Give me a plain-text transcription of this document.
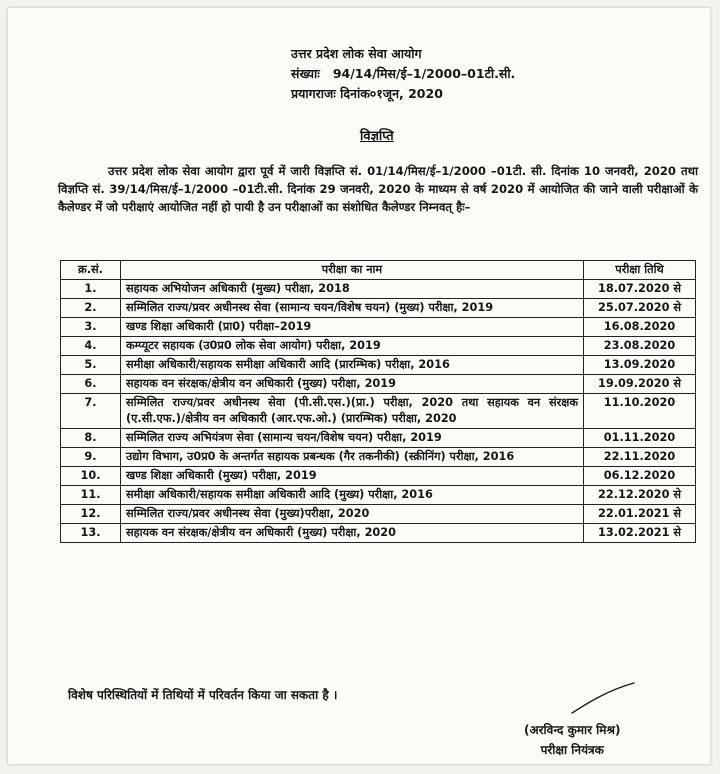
उत्तर प्रदेश लोक सेवा आयोग
संख्याः 94/14/मिस/ई–1/2000–01टी.सी.
प्रयागराजः दिनांक०१जून, 2020
विज्ञप्ति
उत्तर प्रदेश लोक सेवा आयोग द्वारा पूर्व में जारी विज्ञप्ति सं. 01/14/मिस/ई–1/2000 –01टी. सी. दिनांक 10 जनवरी, 2020 तथा विज्ञप्ति सं. 39/14/मिस/ई–1/2000 –01टी.सी. दिनांक 29 जनवरी, 2020 के माध्यम से वर्ष 2020 में आयोजित की जाने वाली परीक्षाओं के कैलेण्डर में जो परीक्षाएं आयोजित नहीं हो पायी है उन परीक्षाओं का संशोधित कैलेण्डर निम्नवत् हैः–
क्र.सं.	परीक्षा का नाम	परीक्षा तिथि
1.	सहायक अभियोजन अधिकारी (मुख्य) परीक्षा, 2018	18.07.2020 से
2.	सम्मिलित राज्य/प्रवर अधीनस्थ सेवा (सामान्य चयन/विशेष चयन) (मुख्य) परीक्षा, 2019	25.07.2020 से
3.	खण्ड शिक्षा अधिकारी (प्रा0) परीक्षा–2019	16.08.2020
4.	कम्प्यूटर सहायक (उ0प्र0 लोक सेवा आयोग) परीक्षा, 2019	23.08.2020
5.	समीक्षा अधिकारी/सहायक समीक्षा अधिकारी आदि (प्रारम्भिक) परीक्षा, 2016	13.09.2020
6.	सहायक वन संरक्षक/क्षेत्रीय वन अधिकारी (मुख्य) परीक्षा, 2019	19.09.2020 से
7.	सम्मिलित राज्य/प्रवर अधीनस्थ सेवा (पी.सी.एस.)(प्रा.) परीक्षा, 2020 तथा सहायक वन संरक्षक (ए.सी.एफ.)/क्षेत्रीय वन अधिकारी (आर.एफ.ओ.) (प्रारम्भिक) परीक्षा, 2020	11.10.2020
8.	सम्मिलित राज्य अभियंत्रण सेवा (सामान्य चयन/विशेष चयन) परीक्षा, 2019	01.11.2020
9.	उद्योग विभाग, उ0प्र0 के अन्तर्गत सहायक प्रबन्धक (गैर तकनीकी) (स्क्रीनिंग) परीक्षा, 2016	22.11.2020
10.	खण्ड शिक्षा अधिकारी (मुख्य) परीक्षा, 2019	06.12.2020
11.	समीक्षा अधिकारी/सहायक समीक्षा अधिकारी आदि (मुख्य) परीक्षा, 2016	22.12.2020 से
12.	सम्मिलित राज्य/प्रवर अधीनस्थ सेवा (मुख्य)परीक्षा, 2020	22.01.2021 से
13.	सहायक वन संरक्षक/क्षेत्रीय वन अधिकारी (मुख्य) परीक्षा, 2020	13.02.2021 से
विशेष परिस्थितियों में तिथियों में परिवर्तन किया जा सकता है ।
(अरविन्द कुमार मिश्र)
परीक्षा नियंत्रक
